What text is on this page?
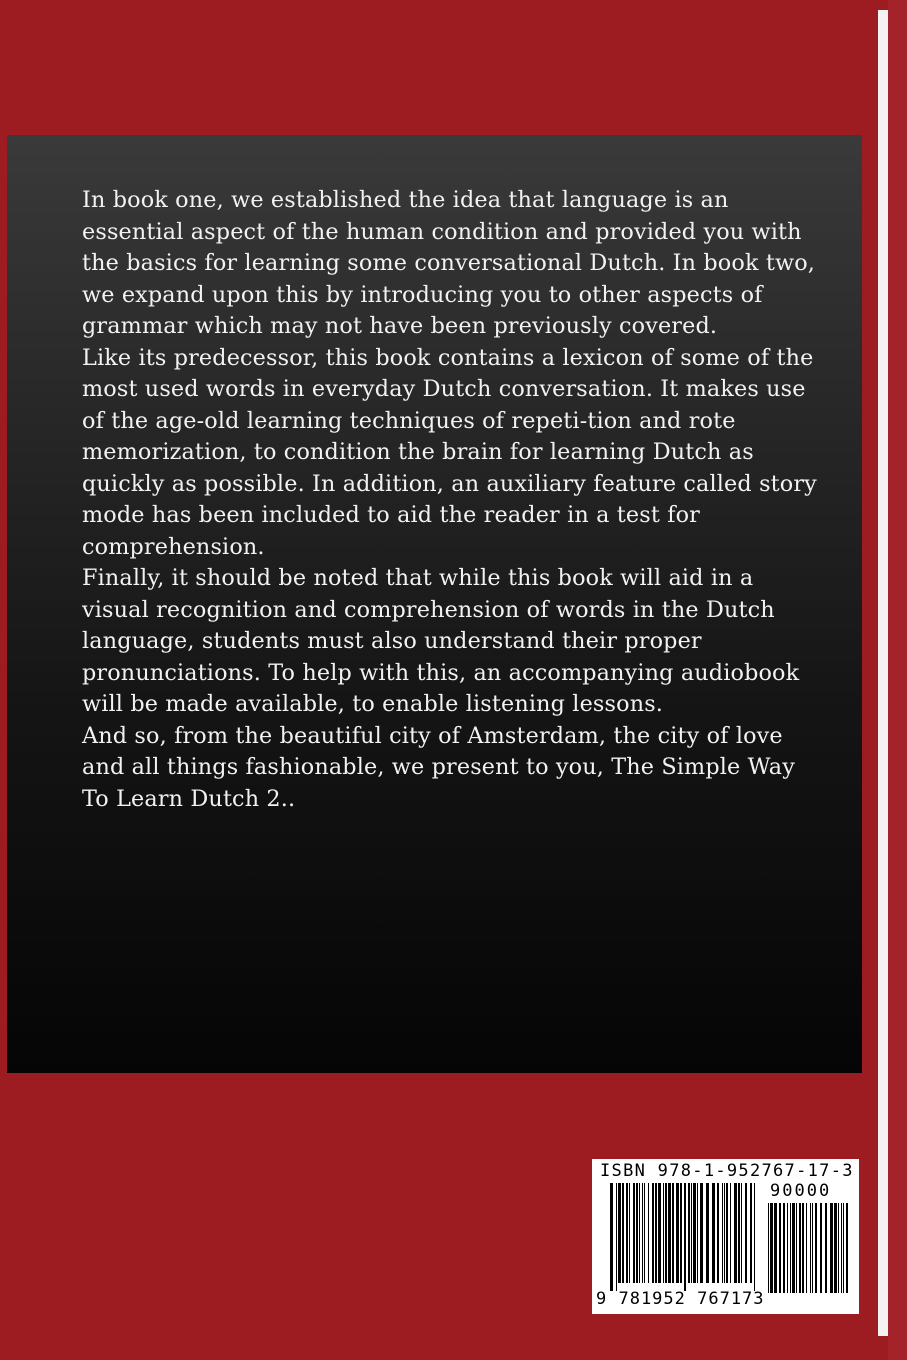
In book one, we established the idea that language is an essential aspect of the human condition and provided you with the basics for learning some conversational Dutch. In book two, we expand upon this by introducing you to other aspects of grammar which may not have been previously covered.

Like its predecessor, this book contains a lexicon of some of the most used words in everyday Dutch conversation. It makes use of the age-old learning techniques of repeti-tion and rote memorization, to condition the brain for learning Dutch as quickly as possible. In addition, an auxiliary feature called story mode has been included to aid the reader in a test for comprehension.

Finally, it should be noted that while this book will aid in a visual recognition and comprehension of words in the Dutch language, students must also understand their proper pronunciations. To help with this, an accompanying audiobook will be made available, to enable listening lessons.

And so, from the beautiful city of Amsterdam, the city of love and all things fashionable, we present to you, The Simple Way To Learn Dutch 2..

ISBN 978-1-952767-17-3
90000
9 781952 767173
